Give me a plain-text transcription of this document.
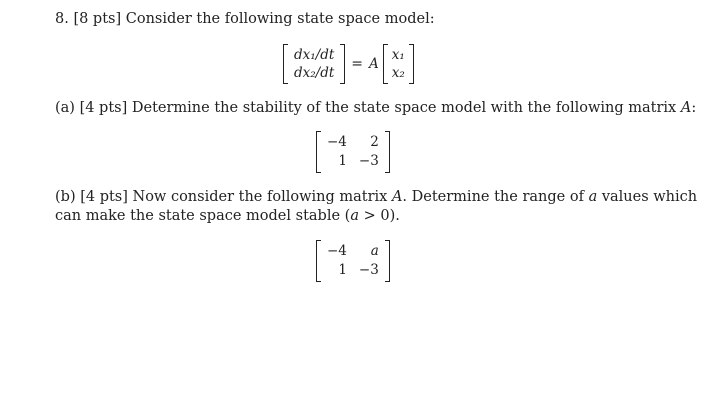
8. [8 pts] Consider the following state space model:
dx₁/dt
dx₂/dt
= A
x₁
x₂
(a) [4 pts] Determine the stability of the state space model with the following matrix A:
−4	2
1 −3
(b) [4 pts] Now consider the following matrix A. Determine the range of a values which
can make the state space model stable (a > 0).
−4	a
1 −3
